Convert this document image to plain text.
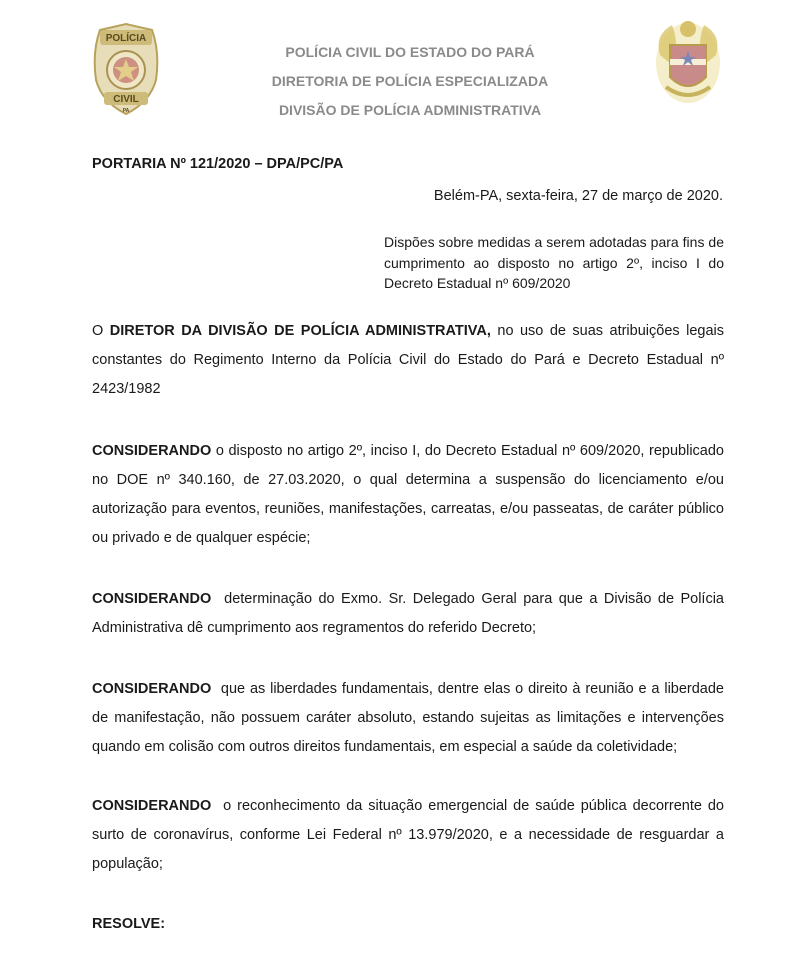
POLÍCIA
CIVIL
PA
POLÍCIA CIVIL DO ESTADO DO PARÁ
DIRETORIA DE POLÍCIA ESPECIALIZADA
DIVISÃO DE POLÍCIA ADMINISTRATIVA
PORTARIA Nº 121/2020 – DPA/PC/PA
Belém-PA, sexta-feira, 27 de março de 2020.
Dispões sobre medidas a serem adotadas para fins de cumprimento ao disposto no artigo 2º, inciso I do Decreto Estadual nº 609/2020
O DIRETOR DA DIVISÃO DE POLÍCIA ADMINISTRATIVA, no uso de suas atribuições legais constantes do Regimento Interno da Polícia Civil do Estado do Pará e Decreto Estadual nº 2423/1982
CONSIDERANDO o disposto no artigo 2º, inciso I, do Decreto Estadual nº 609/2020, republicado no DOE nº 340.160, de 27.03.2020, o qual determina a suspensão do licenciamento e/ou autorização para eventos, reuniões, manifestações, carreatas, e/ou passeatas, de caráter público ou privado e de qualquer espécie;
CONSIDERANDO  determinação do Exmo. Sr. Delegado Geral para que a Divisão de Polícia Administrativa dê cumprimento aos regramentos do referido Decreto;
CONSIDERANDO  que as liberdades fundamentais, dentre elas o direito à reunião e a liberdade de manifestação, não possuem caráter absoluto, estando sujeitas as limitações e intervenções quando em colisão com outros direitos fundamentais, em especial a saúde da coletividade;
CONSIDERANDO  o reconhecimento da situação emergencial de saúde pública decorrente do surto de coronavírus, conforme Lei Federal nº 13.979/2020, e a necessidade de resguardar a população;
RESOLVE:
